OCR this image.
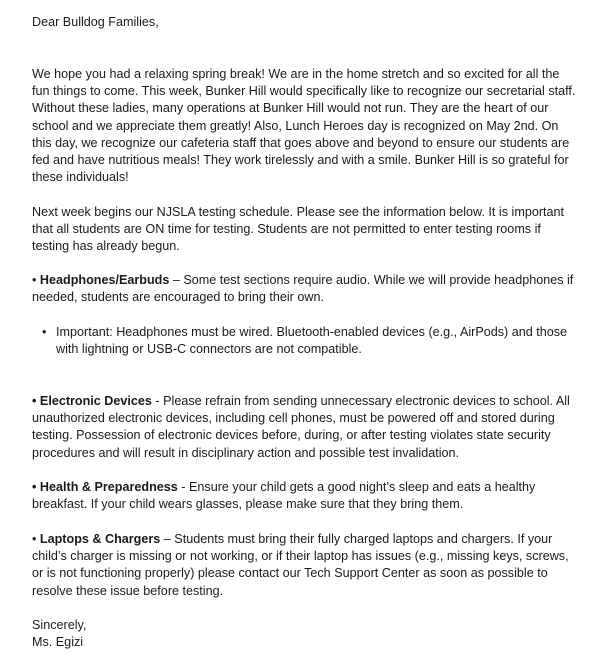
Dear Bulldog Families,

We hope you had a relaxing spring break! We are in the home stretch and so excited for all the fun things to come. This week, Bunker Hill would specifically like to recognize our secretarial staff. Without these ladies, many operations at Bunker Hill would not run. They are the heart of our school and we appreciate them greatly! Also, Lunch Heroes day is recognized on May 2nd. On this day, we recognize our cafeteria staff that goes above and beyond to ensure our students are fed and have nutritious meals! They work tirelessly and with a smile. Bunker Hill is so grateful for these individuals!

Next week begins our NJSLA testing schedule. Please see the information below. It is important that all students are ON time for testing. Students are not permitted to enter testing rooms if testing has already begun.

• Headphones/Earbuds – Some test sections require audio. While we will provide headphones if needed, students are encouraged to bring their own.

• Important: Headphones must be wired. Bluetooth-enabled devices (e.g., AirPods) and those with lightning or USB-C connectors are not compatible.

• Electronic Devices - Please refrain from sending unnecessary electronic devices to school. All unauthorized electronic devices, including cell phones, must be powered off and stored during testing. Possession of electronic devices before, during, or after testing violates state security procedures and will result in disciplinary action and possible test invalidation.

• Health & Preparedness - Ensure your child gets a good night’s sleep and eats a healthy breakfast. If your child wears glasses, please make sure that they bring them.

• Laptops & Chargers – Students must bring their fully charged laptops and chargers. If your child’s charger is missing or not working, or if their laptop has issues (e.g., missing keys, screws, or is not functioning properly) please contact our Tech Support Center as soon as possible to resolve these issue before testing.

Sincerely,

Ms. Egizi
